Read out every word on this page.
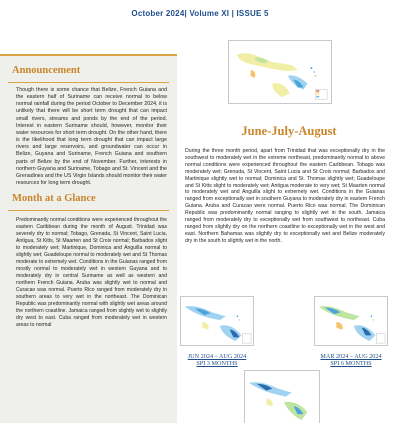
October 2024| Volume XI | ISSUE 5
Announcement
Though there is some chance that Belize, French Guiana and the eastern half of Suriname can receive normal to below normal rainfall during the period October to December 2024, it is unlikely that there will be short term drought that can impact small rivers, streams and ponds by the end of the period. Interest in eastern Suriname should, however, monitor their water resources for short term drought. On the other hand, there is the likelihood that long term drought that can impact large rivers and large reservoirs, and groundwater can occur in Belize, Guyana and Suriname, French Guiana and southern parts of Belize by the end of November. Further, interests in northern Guyana and Suriname, Tobago and St. Vincent and the Grenadines and the US Virgin Islands should monitor their water resources for long term drought.
Month at a Glance
Predominantly normal conditions were experienced throughout the eastern Caribbean during the month of August. Trinidad was severely dry to normal; Tobago, Grenada, St Vincent, Saint Lucia, Antigua, St Kitts, St Maarten and St Croix normal; Barbados slight to moderately wet; Martinique, Dominica and Anguilla normal to slightly wet; Guadeloupe normal to moderately wet and St Thomas moderate to extremely wet. Conditions in the Guianas ranged from mostly normal to moderately wet in western Guyana and to moderately dry in central Suriname as well as western and northern French Guiana. Aruba was slightly wet to normal and Curacao was normal. Puerto Rico ranged from moderately dry in southern areas to very wet in the northeast. The Dominican Republic was predominantly normal with slightly wet areas around the northern coastline. Jamaica ranged from slightly wet to slightly dry west to east. Cuba ranged from moderately wet in western areas to normal
June-July-August
During the three month period, apart from Trinidad that was exceptionally dry in the southwest to moderately wet in the extreme northeast, predominantly normal to above normal conditions were experienced throughout the eastern Caribbean. Tobago was moderately wet; Grenada, St Vincent, Saint Lucia and St Croix normal; Barbados and Martinique slightly wet to normal; Dominica and St. Thomas slightly wet; Guadeloupe and St Kitts slight to moderately wet; Antigua moderate to very wet; St Maarten normal to moderately wet and Anguilla slight to extremely wet. Conditions in the Guianas ranged from exceptionally wet in southern Guyana to moderately dry in eastern French Guiana. Aruba and Curacao were normal. Puerto Rico was normal. The Dominican Republic was predominantly normal ranging to slightly wet in the south. Jamaica ranged from moderately dry to exceptionally wet from southwest to northeast. Cuba ranged from slightly dry on the northern coastline to exceptionally wet in the west and east. Northern Bahamas was slightly dry to exceptionally wet and Belize moderately dry in the south to slightly wet in the north.
JUN 2024 – AUG 2024
SPI 3 MONTHS
MAR 2024 – AUG 2024
SPI 6 MONTHS
